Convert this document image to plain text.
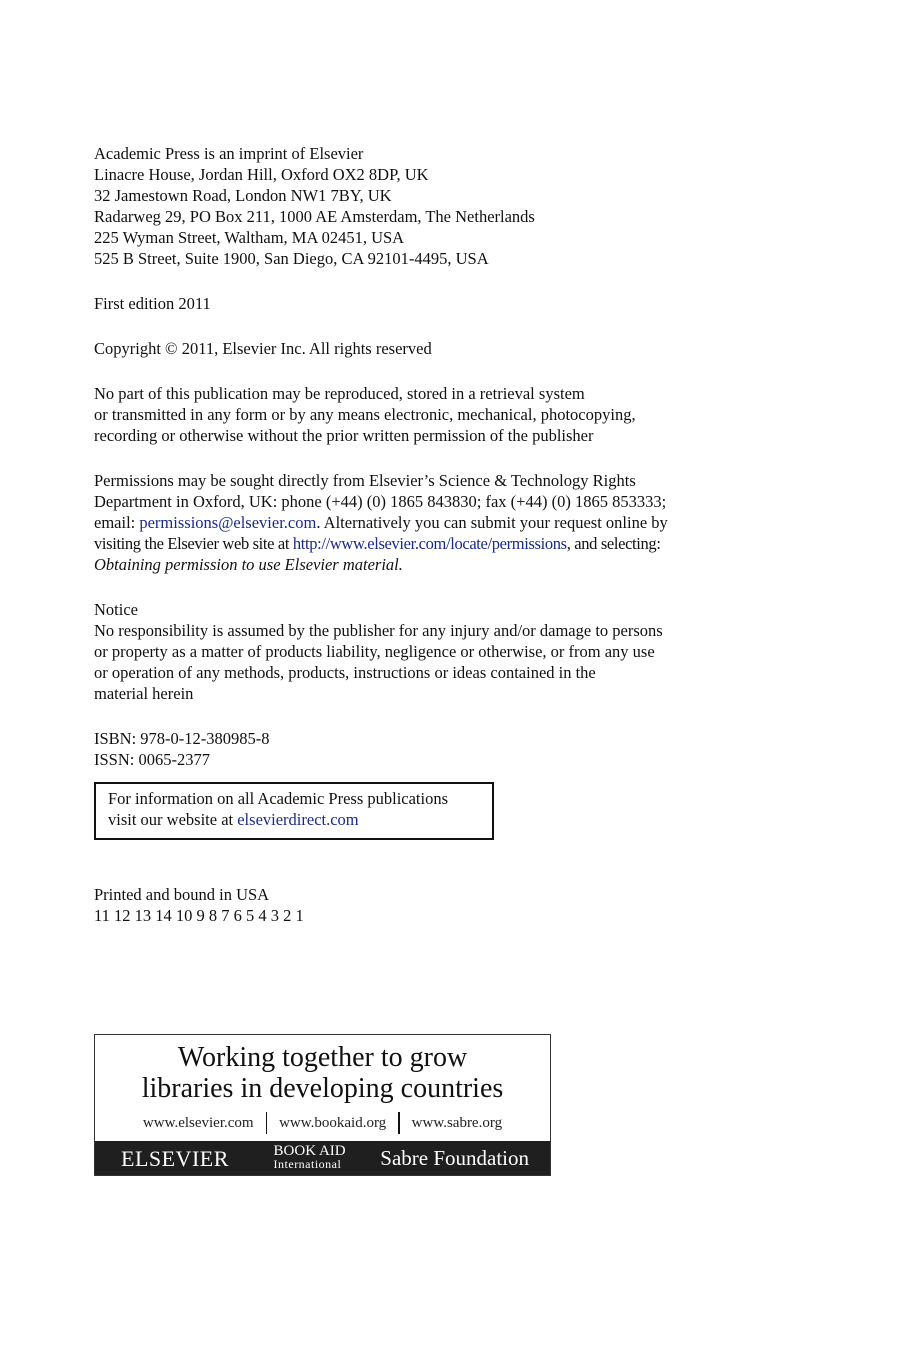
Academic Press is an imprint of Elsevier
Linacre House, Jordan Hill, Oxford OX2 8DP, UK
32 Jamestown Road, London NW1 7BY, UK
Radarweg 29, PO Box 211, 1000 AE Amsterdam, The Netherlands
225 Wyman Street, Waltham, MA 02451, USA
525 B Street, Suite 1900, San Diego, CA 92101-4495, USA
First edition 2011
Copyright © 2011, Elsevier Inc. All rights reserved
No part of this publication may be reproduced, stored in a retrieval system
or transmitted in any form or by any means electronic, mechanical, photocopying,
recording or otherwise without the prior written permission of the publisher
Permissions may be sought directly from Elsevier’s Science & Technology Rights
Department in Oxford, UK: phone (+44) (0) 1865 843830; fax (+44) (0) 1865 853333;
email: permissions@elsevier.com. Alternatively you can submit your request online by
visiting the Elsevier web site at http://www.elsevier.com/locate/permissions, and selecting:
Obtaining permission to use Elsevier material.
Notice
No responsibility is assumed by the publisher for any injury and/or damage to persons
or property as a matter of products liability, negligence or otherwise, or from any use
or operation of any methods, products, instructions or ideas contained in the
material herein
ISBN: 978-0-12-380985-8
ISSN: 0065-2377
For information on all Academic Press publications
visit our website at elsevierdirect.com
Printed and bound in USA
11 12 13 14 10 9 8 7 6 5 4 3 2 1
Working together to grow
libraries in developing countries
www.elsevier.com www.bookaid.org www.sabre.org
ELSEVIER	BOOK AID
International Sabre Foundation
